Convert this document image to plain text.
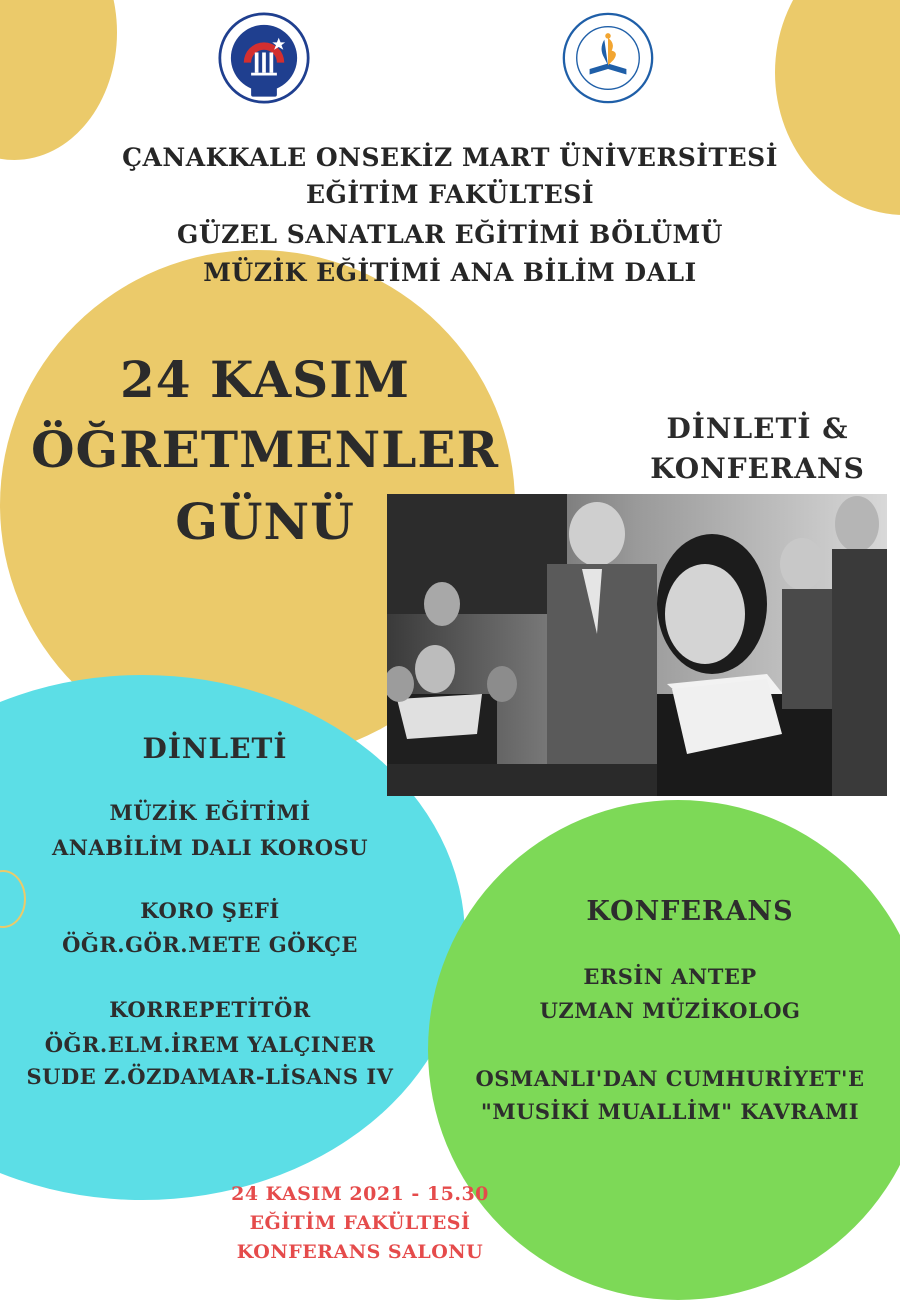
ÇANAKKALE ONSEKİZ MART ÜNİVERSİTESİ
EĞİTİM FAKÜLTESİ
GÜZEL SANATLAR EĞİTİMİ BÖLÜMÜ
MÜZİK EĞİTİMİ ANA BİLİM DALI
24 KASIM
ÖĞRETMENLER
GÜNÜ
DİNLETİ &
KONFERANS
DİNLETİ
MÜZİK EĞİTİMİ
ANABİLİM DALI KOROSU
KORO ŞEFİ
ÖĞR.GÖR.METE GÖKÇE
KORREPETİTÖR
ÖĞR.ELM.İREM YALÇINER
SUDE Z.ÖZDAMAR-LİSANS IV
KONFERANS
ERSİN ANTEP
UZMAN MÜZİKOLOG
OSMANLI'DAN CUMHURİYET'E
"MUSİKİ MUALLİM" KAVRAMI
24 KASIM 2021 - 15.30
EĞİTİM FAKÜLTESİ
KONFERANS SALONU
